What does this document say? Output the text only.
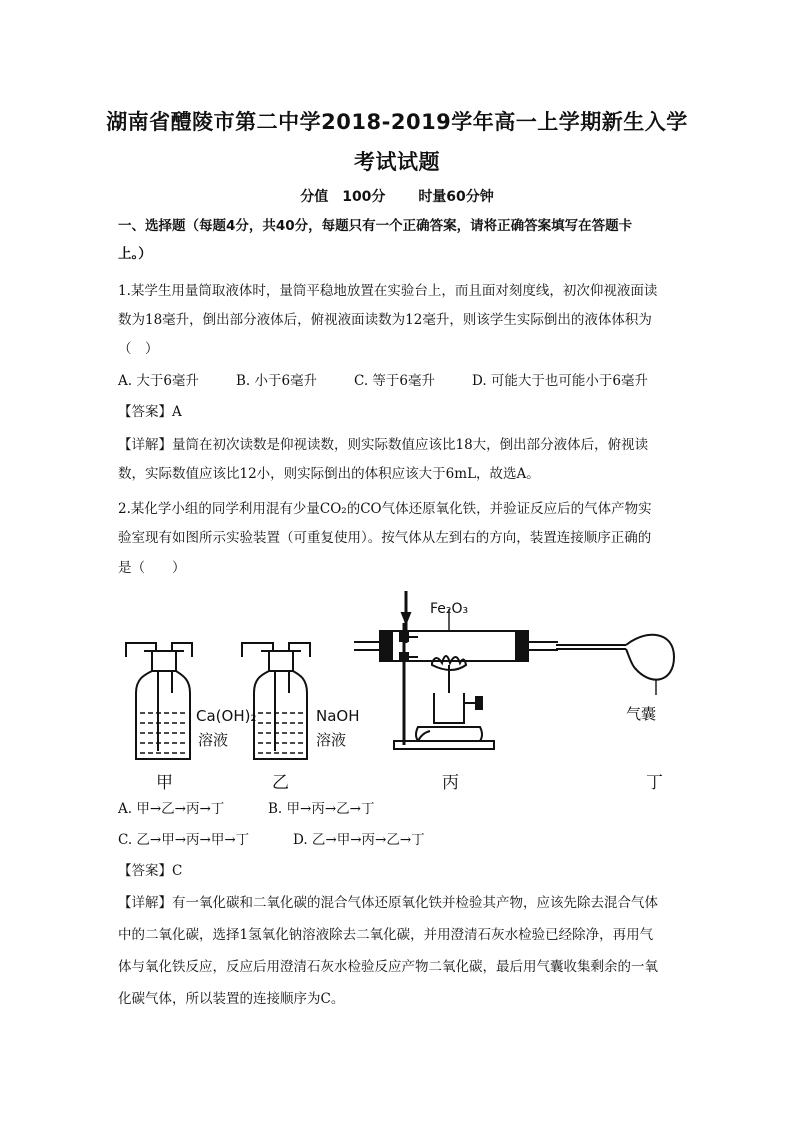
湖南省醴陵市第二中学2018-2019学年高一上学期新生入学
考试试题
分值　100分 时量60分钟
一、选择题（每题4分，共40分，每题只有一个正确答案，请将正确答案填写在答题卡
上。）
1.某学生用量筒取液体时，量筒平稳地放置在实验台上，而且面对刻度线，初次仰视液面读
数为18毫升，倒出部分液体后，俯视液面读数为12毫升，则该学生实际倒出的液体体积为
（　）
A. 大于6毫升	B. 小于6毫升	C. 等于6毫升	D. 可能大于也可能小于6毫升
【答案】A
【详解】量筒在初次读数是仰视读数，则实际数值应该比18大，倒出部分液体后，俯视读
数，实际数值应该比12小，则实际倒出的体积应该大于6mL，故选A。
2.某化学小组的同学利用混有少量CO₂的CO气体还原氧化铁，并验证反应后的气体产物实
验室现有如图所示实验装置（可重复使用）。按气体从左到右的方向，装置连接顺序正确的
是（　　）
Fe₂O₃
Ca(OH)₂
溶液
NaOH
溶液
气囊
甲	乙	丙	丁
A. 甲→乙→丙→丁	B. 甲→丙→乙→丁
C. 乙→甲→丙→甲→丁	D. 乙→甲→丙→乙→丁
【答案】C
【详解】有一氧化碳和二氧化碳的混合气体还原氧化铁并检验其产物，应该先除去混合气体
中的二氧化碳，选择1氢氧化钠溶液除去二氧化碳，并用澄清石灰水检验已经除净，再用气
体与氧化铁反应，反应后用澄清石灰水检验反应产物二氧化碳，最后用气囊收集剩余的一氧
化碳气体，所以装置的连接顺序为C。
